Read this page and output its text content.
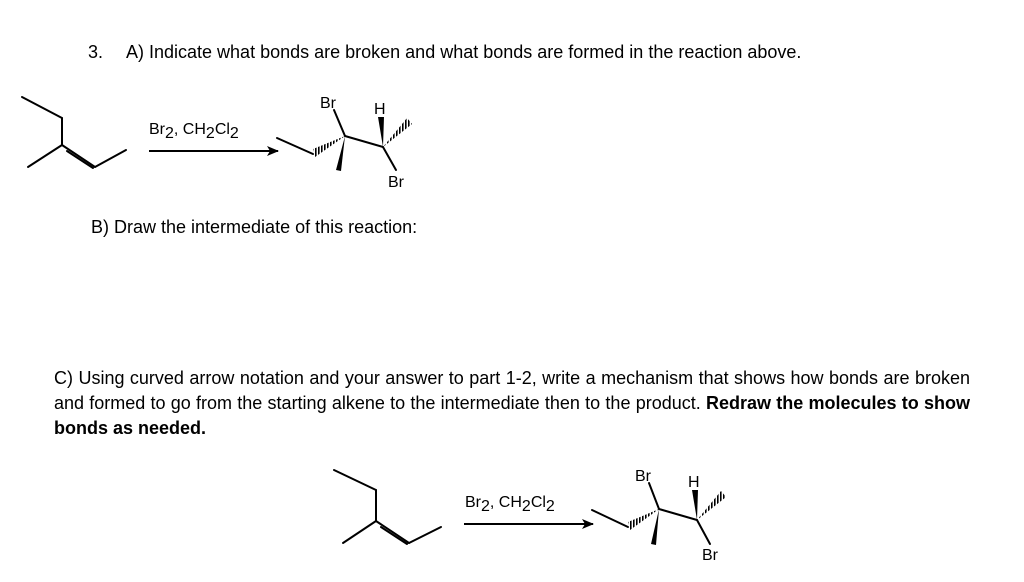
3. A) Indicate what bonds are broken and what bonds are formed in the reaction above.
B) Draw the intermediate of this reaction:
C) Using curved arrow notation and your answer to part 1-2, write a mechanism that shows how bonds are broken and formed to go from the starting alkene to the intermediate then to the product. Redraw the molecules to show bonds as needed.
Br2, CH2Cl2
Br H
Br
Br2, CH2Cl2
Br H
Br
